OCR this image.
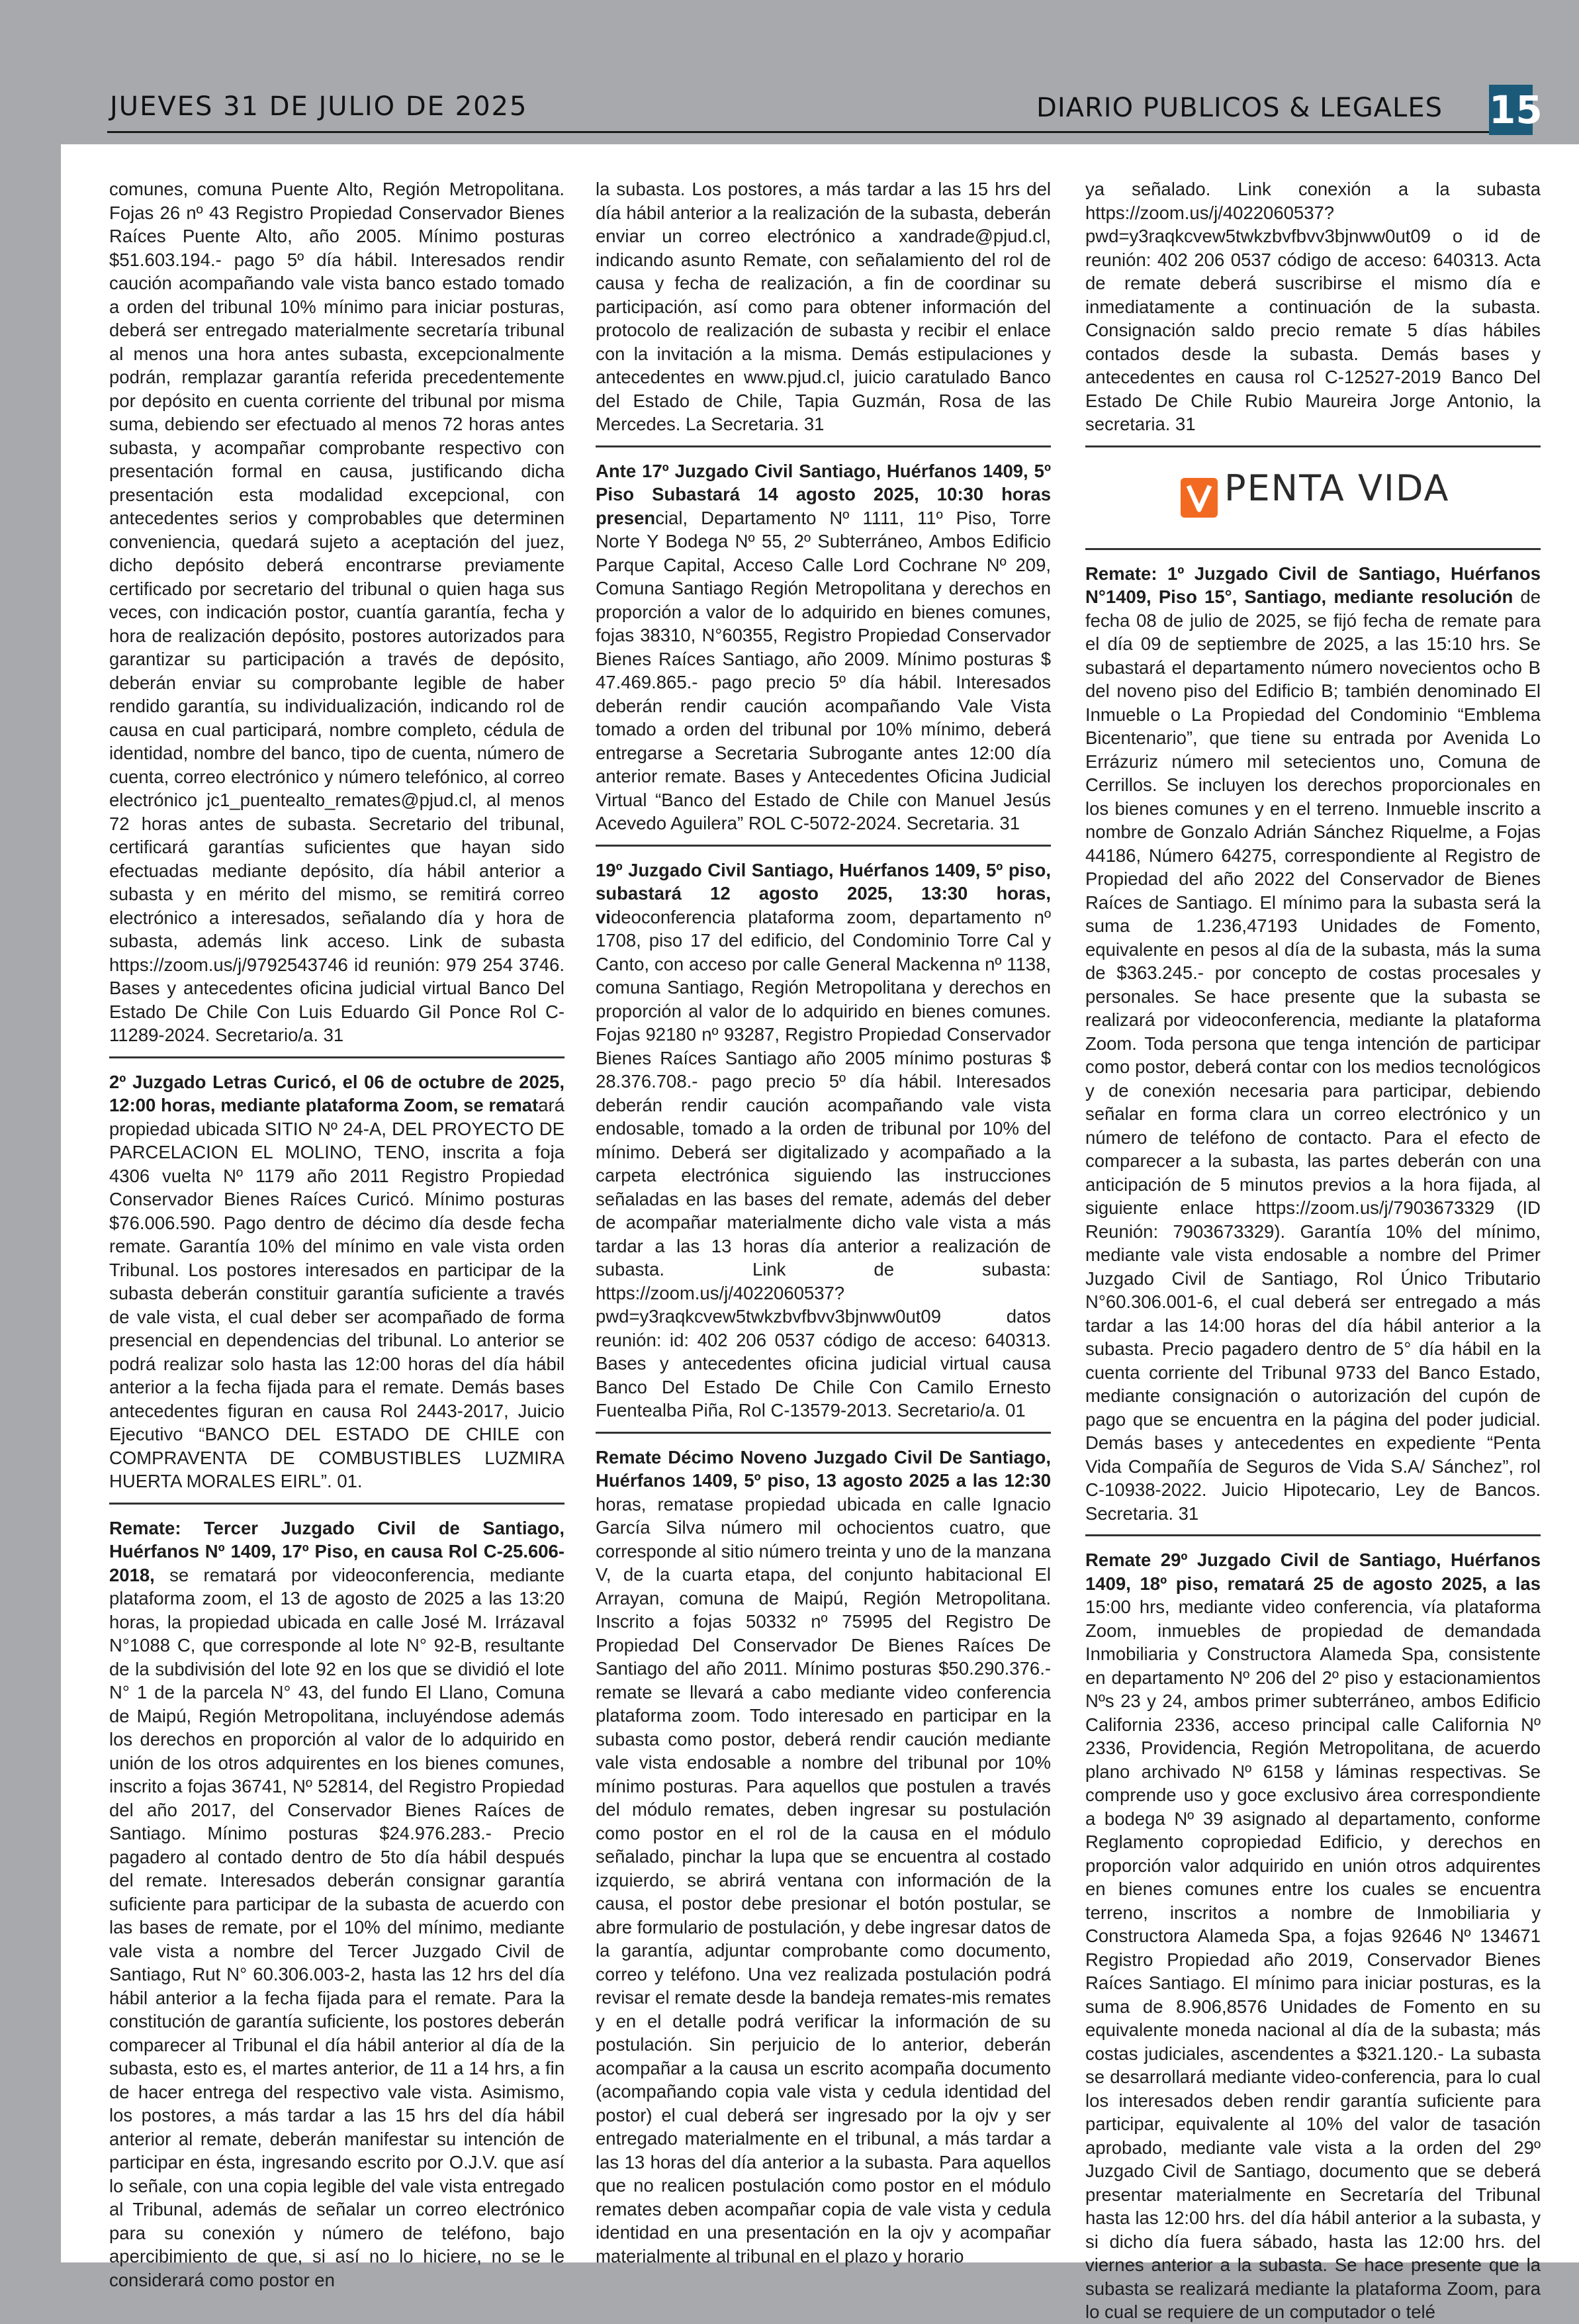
JUEVES 31 DE JULIO DE 2025	DIARIO PUBLICOS & LEGALES 15

comunes, comuna Puente Alto, Región Metropolitana. Fojas 26 nº 43 Registro Propiedad Conservador Bienes Raíces Puente Alto, año 2005. Mínimo posturas $51.603.194.- pago 5º día hábil. Interesados rendir caución acompañando vale vista banco estado tomado a orden del tribunal 10% mínimo para iniciar posturas, deberá ser entregado materialmente secretaría tribunal al menos una hora antes subasta, excepcionalmente podrán, remplazar garantía referida precedentemente por depósito en cuenta corriente del tribunal por misma suma, debiendo ser efectuado al menos 72 horas antes subasta, y acompañar comprobante respectivo con presentación formal en causa, justificando dicha presentación esta modalidad excepcional, con antecedentes serios y comprobables que determinen conveniencia, quedará sujeto a aceptación del juez, dicho depósito deberá encontrarse previamente certificado por secretario del tribunal o quien haga sus veces, con indicación postor, cuantía garantía, fecha y hora de realización depósito, postores autorizados para garantizar su participación a través de depósito, deberán enviar su comprobante legible de haber rendido garantía, su individualización, indicando rol de causa en cual participará, nombre completo, cédula de identidad, nombre del banco, tipo de cuenta, número de cuenta, correo electrónico y número telefónico, al correo electrónico jc1_puentealto_remates@pjud.cl, al menos 72 horas antes de subasta. Secretario del tribunal, certificará garantías suficientes que hayan sido efectuadas mediante depósito, día hábil anterior a subasta y en mérito del mismo, se remitirá correo electrónico a interesados, señalando día y hora de subasta, además link acceso. Link de subasta https://zoom.us/j/9792543746 id reunión: 979 254 3746. Bases y antecedentes oficina judicial virtual Banco Del Estado De Chile Con Luis Eduardo Gil Ponce Rol C-11289-2024. Secretario/a. 31

2º Juzgado Letras Curicó, el 06 de octubre de 2025, 12:00 horas, mediante plataforma Zoom, se rematará propiedad ubicada SITIO Nº 24-A, DEL PROYECTO DE PARCELACION EL MOLINO, TENO, inscrita a foja 4306 vuelta Nº 1179 año 2011 Registro Propiedad Conservador Bienes Raíces Curicó. Mínimo posturas $76.006.590. Pago dentro de décimo día desde fecha remate. Garantía 10% del mínimo en vale vista orden Tribunal. Los postores interesados en participar de la subasta deberán constituir garantía suficiente a través de vale vista, el cual deber ser acompañado de forma presencial en dependencias del tribunal. Lo anterior se podrá realizar solo hasta las 12:00 horas del día hábil anterior a la fecha fijada para el remate. Demás bases antecedentes figuran en causa Rol 2443-2017, Juicio Ejecutivo “BANCO DEL ESTADO DE CHILE con COMPRAVENTA DE COMBUSTIBLES LUZMIRA HUERTA MORALES EIRL”. 01.

Remate: Tercer Juzgado Civil de Santiago, Huérfanos Nº 1409, 17º Piso, en causa Rol C-25.606-2018, se rematará por videoconferencia, mediante plataforma zoom, el 13 de agosto de 2025 a las 13:20 horas, la propiedad ubicada en calle José M. Irrázaval N°1088 C, que corresponde al lote N° 92-B, resultante de la subdivisión del lote 92 en los que se dividió el lote N° 1 de la parcela N° 43, del fundo El Llano, Comuna de Maipú, Región Metropolitana, incluyéndose además los derechos en proporción al valor de lo adquirido en unión de los otros adquirentes en los bienes comunes, inscrito a fojas 36741, Nº 52814, del Registro Propiedad del año 2017, del Conservador Bienes Raíces de Santiago. Mínimo posturas $24.976.283.- Precio pagadero al contado dentro de 5to día hábil después del remate. Interesados deberán consignar garantía suficiente para participar de la subasta de acuerdo con las bases de remate, por el 10% del mínimo, mediante vale vista a nombre del Tercer Juzgado Civil de Santiago, Rut N° 60.306.003-2, hasta las 12 hrs del día hábil anterior a la fecha fijada para el remate. Para la constitución de garantía suficiente, los postores deberán comparecer al Tribunal el día hábil anterior al día de la subasta, esto es, el martes anterior, de 11 a 14 hrs, a fin de hacer entrega del respectivo vale vista. Asimismo, los postores, a más tardar a las 15 hrs del día hábil anterior al remate, deberán manifestar su intención de participar en ésta, ingresando escrito por O.J.V. que así lo señale, con una copia legible del vale vista entregado al Tribunal, además de señalar un correo electrónico para su conexión y número de teléfono, bajo apercibimiento de que, si así no lo hiciere, no se le considerará como postor en

la subasta. Los postores, a más tardar a las 15 hrs del día hábil anterior a la realización de la subasta, deberán enviar un correo electrónico a xandrade@pjud.cl, indicando asunto Remate, con señalamiento del rol de causa y fecha de realización, a fin de coordinar su participación, así como para obtener información del protocolo de realización de subasta y recibir el enlace con la invitación a la misma. Demás estipulaciones y antecedentes en www.pjud.cl, juicio caratulado Banco del Estado de Chile, Tapia Guzmán, Rosa de las Mercedes. La Secretaria. 31

Ante 17º Juzgado Civil Santiago, Huérfanos 1409, 5º Piso Subastará 14 agosto 2025, 10:30 horas presencial, Departamento Nº 1111, 11º Piso, Torre Norte Y Bodega Nº 55, 2º Subterráneo, Ambos Edificio Parque Capital, Acceso Calle Lord Cochrane Nº 209, Comuna Santiago Región Metropolitana y derechos en proporción a valor de lo adquirido en bienes comunes, fojas 38310, N°60355, Registro Propiedad Conservador Bienes Raíces Santiago, año 2009. Mínimo posturas $ 47.469.865.- pago precio 5º día hábil. Interesados deberán rendir caución acompañando Vale Vista tomado a orden del tribunal por 10% mínimo, deberá entregarse a Secretaria Subrogante antes 12:00 día anterior remate. Bases y Antecedentes Oficina Judicial Virtual “Banco del Estado de Chile con Manuel Jesús Acevedo Aguilera” ROL C-5072-2024. Secretaria. 31

19º Juzgado Civil Santiago, Huérfanos 1409, 5º piso, subastará 12 agosto 2025, 13:30 horas, videoconferencia plataforma zoom, departamento nº 1708, piso 17 del edificio, del Condominio Torre Cal y Canto, con acceso por calle General Mackenna nº 1138, comuna Santiago, Región Metropolitana y derechos en proporción al valor de lo adquirido en bienes comunes. Fojas 92180 nº 93287, Registro Propiedad Conservador Bienes Raíces Santiago año 2005 mínimo posturas $ 28.376.708.- pago precio 5º día hábil. Interesados deberán rendir caución acompañando vale vista endosable, tomado a la orden de tribunal por 10% del mínimo. Deberá ser digitalizado y acompañado a la carpeta electrónica siguiendo las instrucciones señaladas en las bases del remate, además del deber de acompañar materialmente dicho vale vista a más tardar a las 13 horas día anterior a realización de subasta. Link de subasta: https://zoom.us/j/4022060537?pwd=y3raqkcvew5twkzbvfbvv3bjnww0ut09 datos reunión: id: 402 206 0537 código de acceso: 640313. Bases y antecedentes oficina judicial virtual causa Banco Del Estado De Chile Con Camilo Ernesto Fuentealba Piña, Rol C-13579-2013. Secretario/a. 01

Remate Décimo Noveno Juzgado Civil De Santiago, Huérfanos 1409, 5º piso, 13 agosto 2025 a las 12:30 horas, rematase propiedad ubicada en calle Ignacio García Silva número mil ochocientos cuatro, que corresponde al sitio número treinta y uno de la manzana V, de la cuarta etapa, del conjunto habitacional El Arrayan, comuna de Maipú, Región Metropolitana. Inscrito a fojas 50332 nº 75995 del Registro De Propiedad Del Conservador De Bienes Raíces De Santiago del año 2011. Mínimo posturas $50.290.376.- remate se llevará a cabo mediante video conferencia plataforma zoom. Todo interesado en participar en la subasta como postor, deberá rendir caución mediante vale vista endosable a nombre del tribunal por 10% mínimo posturas. Para aquellos que postulen a través del módulo remates, deben ingresar su postulación como postor en el rol de la causa en el módulo señalado, pinchar la lupa que se encuentra al costado izquierdo, se abrirá ventana con información de la causa, el postor debe presionar el botón postular, se abre formulario de postulación, y debe ingresar datos de la garantía, adjuntar comprobante como documento, correo y teléfono. Una vez realizada postulación podrá revisar el remate desde la bandeja remates-mis remates y en el detalle podrá verificar la información de su postulación. Sin perjuicio de lo anterior, deberán acompañar a la causa un escrito acompaña documento (acompañando copia vale vista y cedula identidad del postor) el cual deberá ser ingresado por la ojv y ser entregado materialmente en el tribunal, a más tardar a las 13 horas del día anterior a la subasta. Para aquellos que no realicen postulación como postor en el módulo remates deben acompañar copia de vale vista y cedula identidad en una presentación en la ojv y acompañar materialmente al tribunal en el plazo y horario

ya señalado. Link conexión a la subasta https://zoom.us/j/4022060537?pwd=y3raqkcvew5twkzbvfbvv3bjnww0ut09 o id de reunión: 402 206 0537 código de acceso: 640313. Acta de remate deberá suscribirse el mismo día e inmediatamente a continuación de la subasta. Consignación saldo precio remate 5 días hábiles contados desde la subasta. Demás bases y antecedentes en causa rol C-12527-2019 Banco Del Estado De Chile Rubio Maureira Jorge Antonio, la secretaria. 31

PENTA VIDA

Remate: 1º Juzgado Civil de Santiago, Huérfanos N°1409, Piso 15°, Santiago, mediante resolución de fecha 08 de julio de 2025, se fijó fecha de remate para el día 09 de septiembre de 2025, a las 15:10 hrs. Se subastará el departamento número novecientos ocho B del noveno piso del Edificio B; también denominado El Inmueble o La Propiedad del Condominio “Emblema Bicentenario”, que tiene su entrada por Avenida Lo Errázuriz número mil setecientos uno, Comuna de Cerrillos. Se incluyen los derechos proporcionales en los bienes comunes y en el terreno. Inmueble inscrito a nombre de Gonzalo Adrián Sánchez Riquelme, a Fojas 44186, Número 64275, correspondiente al Registro de Propiedad del año 2022 del Conservador de Bienes Raíces de Santiago. El mínimo para la subasta será la suma de 1.236,47193 Unidades de Fomento, equivalente en pesos al día de la subasta, más la suma de $363.245.- por concepto de costas procesales y personales. Se hace presente que la subasta se realizará por videoconferencia, mediante la plataforma Zoom. Toda persona que tenga intención de participar como postor, deberá contar con los medios tecnológicos y de conexión necesaria para participar, debiendo señalar en forma clara un correo electrónico y un número de teléfono de contacto. Para el efecto de comparecer a la subasta, las partes deberán con una anticipación de 5 minutos previos a la hora fijada, al siguiente enlace https://zoom.us/j/7903673329 (ID Reunión: 7903673329). Garantía 10% del mínimo, mediante vale vista endosable a nombre del Primer Juzgado Civil de Santiago, Rol Único Tributario N°60.306.001-6, el cual deberá ser entregado a más tardar a las 14:00 horas del día hábil anterior a la subasta. Precio pagadero dentro de 5° día hábil en la cuenta corriente del Tribunal 9733 del Banco Estado, mediante consignación o autorización del cupón de pago que se encuentra en la página del poder judicial. Demás bases y antecedentes en expediente “Penta Vida Compañía de Seguros de Vida S.A/ Sánchez”, rol C-10938-2022. Juicio Hipotecario, Ley de Bancos. Secretaria. 31

Remate 29º Juzgado Civil de Santiago, Huérfanos 1409, 18º piso, rematará 25 de agosto 2025, a las 15:00 hrs, mediante video conferencia, vía plataforma Zoom, inmuebles de propiedad de demandada Inmobiliaria y Constructora Alameda Spa, consistente en departamento Nº 206 del 2º piso y estacionamientos Nºs 23 y 24, ambos primer subterráneo, ambos Edificio California 2336, acceso principal calle California Nº 2336, Providencia, Región Metropolitana, de acuerdo plano archivado Nº 6158 y láminas respectivas. Se comprende uso y goce exclusivo área correspondiente a bodega Nº 39 asignado al departamento, conforme Reglamento copropiedad Edificio, y derechos en proporción valor adquirido en unión otros adquirentes en bienes comunes entre los cuales se encuentra terreno, inscritos a nombre de Inmobiliaria y Constructora Alameda Spa, a fojas 92646 Nº 134671 Registro Propiedad año 2019, Conservador Bienes Raíces Santiago. El mínimo para iniciar posturas, es la suma de 8.906,8576 Unidades de Fomento en su equivalente moneda nacional al día de la subasta; más costas judiciales, ascendentes a $321.120.- La subasta se desarrollará mediante video-conferencia, para lo cual los interesados deben rendir garantía suficiente para participar, equivalente al 10% del valor de tasación aprobado, mediante vale vista a la orden del 29º Juzgado Civil de Santiago, documento que se deberá presentar materialmente en Secretaría del Tribunal hasta las 12:00 hrs. del día hábil anterior a la subasta, y si dicho día fuera sábado, hasta las 12:00 hrs. del viernes anterior a la subasta. Se hace presente que la subasta se realizará mediante la plataforma Zoom, para lo cual se requiere de un computador o telé
